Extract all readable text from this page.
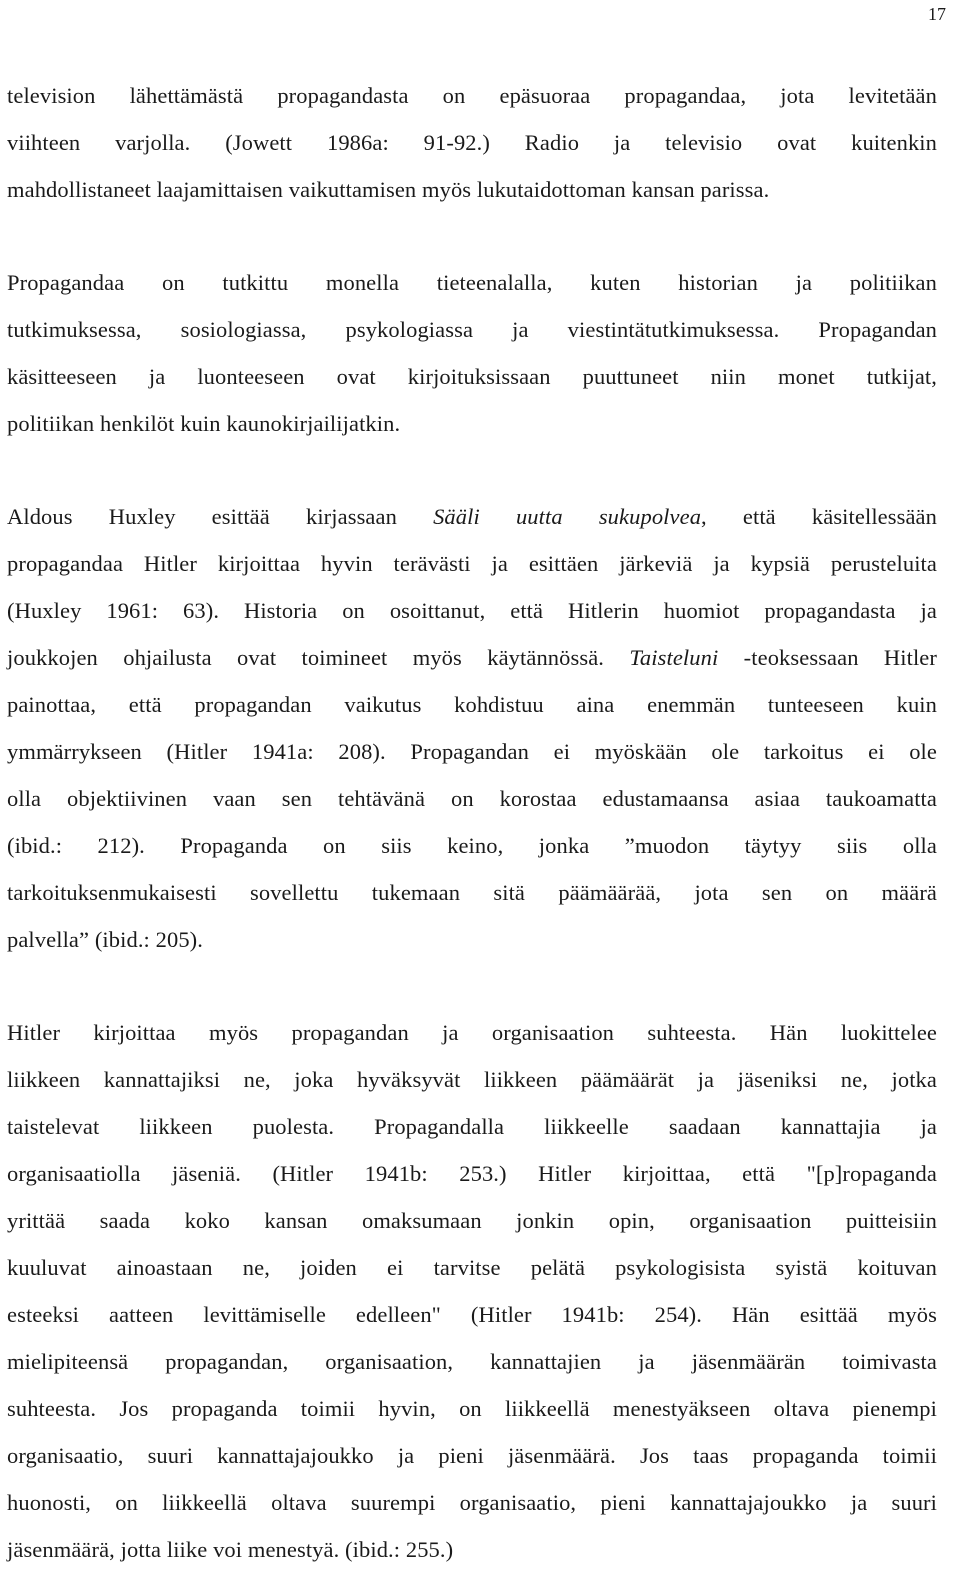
17

television lähettämästä propagandasta on epäsuoraa propagandaa, jota levitetään
viihteen varjolla. (Jowett 1986a: 91-92.) Radio ja televisio ovat kuitenkin
mahdollistaneet laajamittaisen vaikuttamisen myös lukutaidottoman kansan parissa.

Propagandaa on tutkittu monella tieteenalalla, kuten historian ja politiikan
tutkimuksessa, sosiologiassa, psykologiassa ja viestintätutkimuksessa. Propagandan
käsitteeseen ja luonteeseen ovat kirjoituksissaan puuttuneet niin monet tutkijat,
politiikan henkilöt kuin kaunokirjailijatkin.

Aldous Huxley esittää kirjassaan Sääli uutta sukupolvea, että käsitellessään
propagandaa Hitler kirjoittaa hyvin terävästi ja esittäen järkeviä ja kypsiä perusteluita
(Huxley 1961: 63). Historia on osoittanut, että Hitlerin huomiot propagandasta ja
joukkojen ohjailusta ovat toimineet myös käytännössä. Taisteluni -teoksessaan Hitler
painottaa, että propagandan vaikutus kohdistuu aina enemmän tunteeseen kuin
ymmärrykseen (Hitler 1941a: 208). Propagandan ei myöskään ole tarkoitus ei ole
olla objektiivinen vaan sen tehtävänä on korostaa edustamaansa asiaa taukoamatta
(ibid.: 212). Propaganda on siis keino, jonka ”muodon täytyy siis olla
tarkoituksenmukaisesti sovellettu tukemaan sitä päämäärää, jota sen on määrä
palvella” (ibid.: 205).

Hitler kirjoittaa myös propagandan ja organisaation suhteesta. Hän luokittelee
liikkeen kannattajiksi ne, joka hyväksyvät liikkeen päämäärät ja jäseniksi ne, jotka
taistelevat liikkeen puolesta. Propagandalla liikkeelle saadaan kannattajia ja
organisaatiolla jäseniä. (Hitler 1941b: 253.) Hitler kirjoittaa, että "[p]ropaganda
yrittää saada koko kansan omaksumaan jonkin opin, organisaation puitteisiin
kuuluvat ainoastaan ne, joiden ei tarvitse pelätä psykologisista syistä koituvan
esteeksi aatteen levittämiselle edelleen" (Hitler 1941b: 254). Hän esittää myös
mielipiteensä propagandan, organisaation, kannattajien ja jäsenmäärän toimivasta
suhteesta. Jos propaganda toimii hyvin, on liikkeellä menestyäkseen oltava pienempi
organisaatio, suuri kannattajajoukko ja pieni jäsenmäärä. Jos taas propaganda toimii
huonosti, on liikkeellä oltava suurempi organisaatio, pieni kannattajajoukko ja suuri
jäsenmäärä, jotta liike voi menestyä. (ibid.: 255.)
